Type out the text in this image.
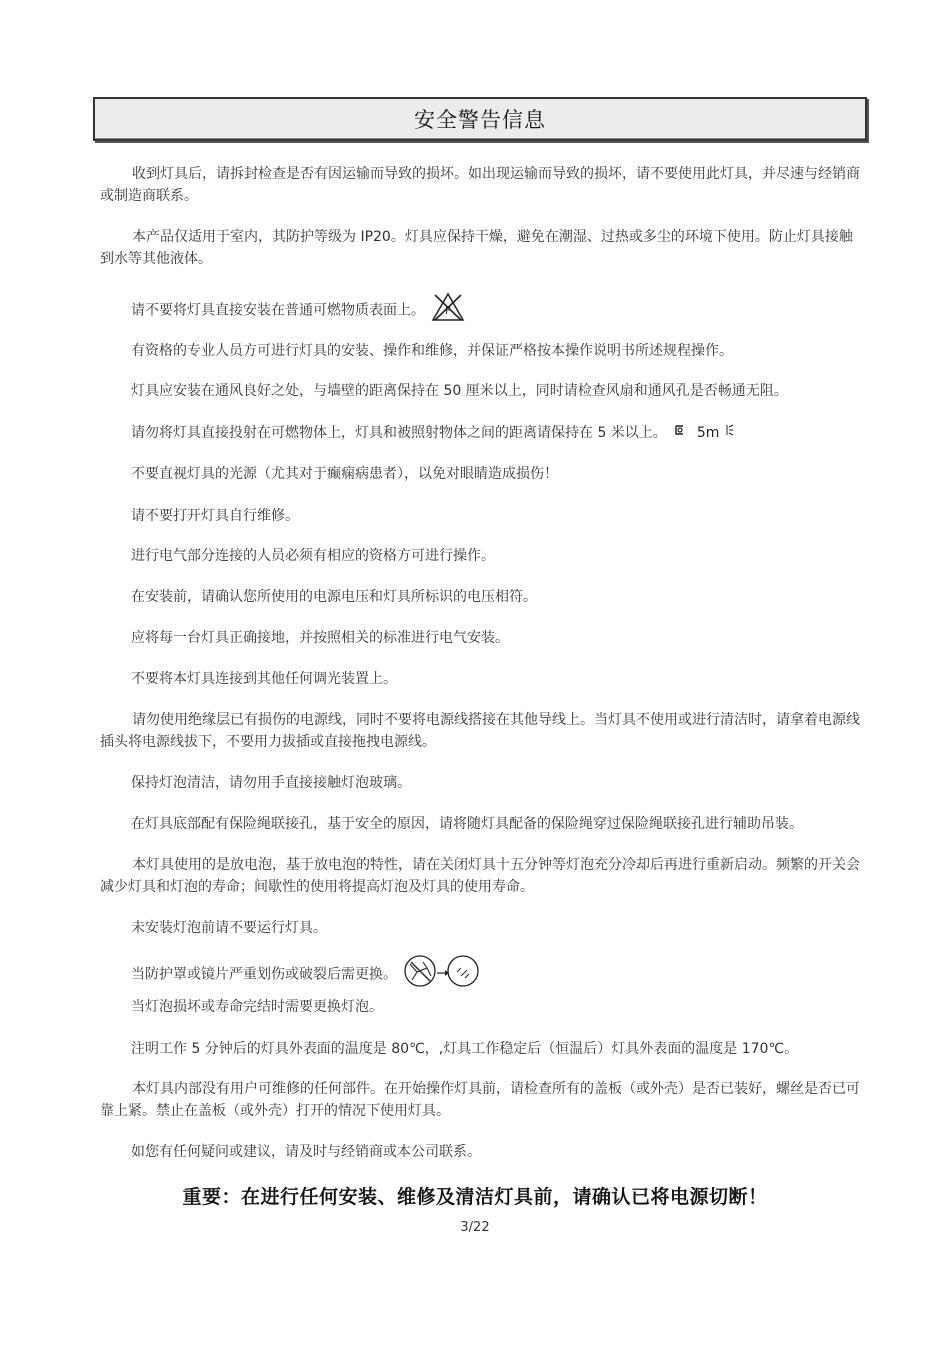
安全警告信息

收到灯具后，请拆封检查是否有因运输而导致的损坏。如出现运输而导致的损坏，请不要使用此灯具，并尽速与经销商或制造商联系。

本产品仅适用于室内，其防护等级为 IP20。灯具应保持干燥，避免在潮湿、过热或多尘的环境下使用。防止灯具接触到水等其他液体。

请不要将灯具直接安装在普通可燃物质表面上。 F

有资格的专业人员方可进行灯具的安装、操作和维修，并保证严格按本操作说明书所述规程操作。

灯具应安装在通风良好之处，与墙壁的距离保持在 50 厘米以上，同时请检查风扇和通风孔是否畅通无阻。

请勿将灯具直接投射在可燃物体上，灯具和被照射物体之间的距离请保持在 5 米以上。 5m

不要直视灯具的光源（尤其对于癫痫病患者），以免对眼睛造成损伤！

请不要打开灯具自行维修。

进行电气部分连接的人员必须有相应的资格方可进行操作。

在安装前，请确认您所使用的电源电压和灯具所标识的电压相符。

应将每一台灯具正确接地，并按照相关的标准进行电气安装。

不要将本灯具连接到其他任何调光装置上。

请勿使用绝缘层已有损伤的电源线，同时不要将电源线搭接在其他导线上。当灯具不使用或进行清洁时，请拿着电源线插头将电源线拔下，不要用力拔插或直接拖拽电源线。

保持灯泡清洁，请勿用手直接接触灯泡玻璃。

在灯具底部配有保险绳联接孔，基于安全的原因，请将随灯具配备的保险绳穿过保险绳联接孔进行辅助吊装。

本灯具使用的是放电泡，基于放电泡的特性，请在关闭灯具十五分钟等灯泡充分冷却后再进行重新启动。频繁的开关会减少灯具和灯泡的寿命；间歇性的使用将提高灯泡及灯具的使用寿命。

未安装灯泡前请不要运行灯具。

当防护罩或镜片严重划伤或破裂后需更换。

当灯泡损坏或寿命完结时需要更换灯泡。

注明工作 5 分钟后的灯具外表面的温度是 80℃，,灯具工作稳定后（恒温后）灯具外表面的温度是 170℃。

本灯具内部没有用户可维修的任何部件。在开始操作灯具前，请检查所有的盖板（或外壳）是否已装好，螺丝是否已可靠上紧。禁止在盖板（或外壳）打开的情况下使用灯具。

如您有任何疑问或建议，请及时与经销商或本公司联系。

重要：在进行任何安装、维修及清洁灯具前，请确认已将电源切断！
3/22
